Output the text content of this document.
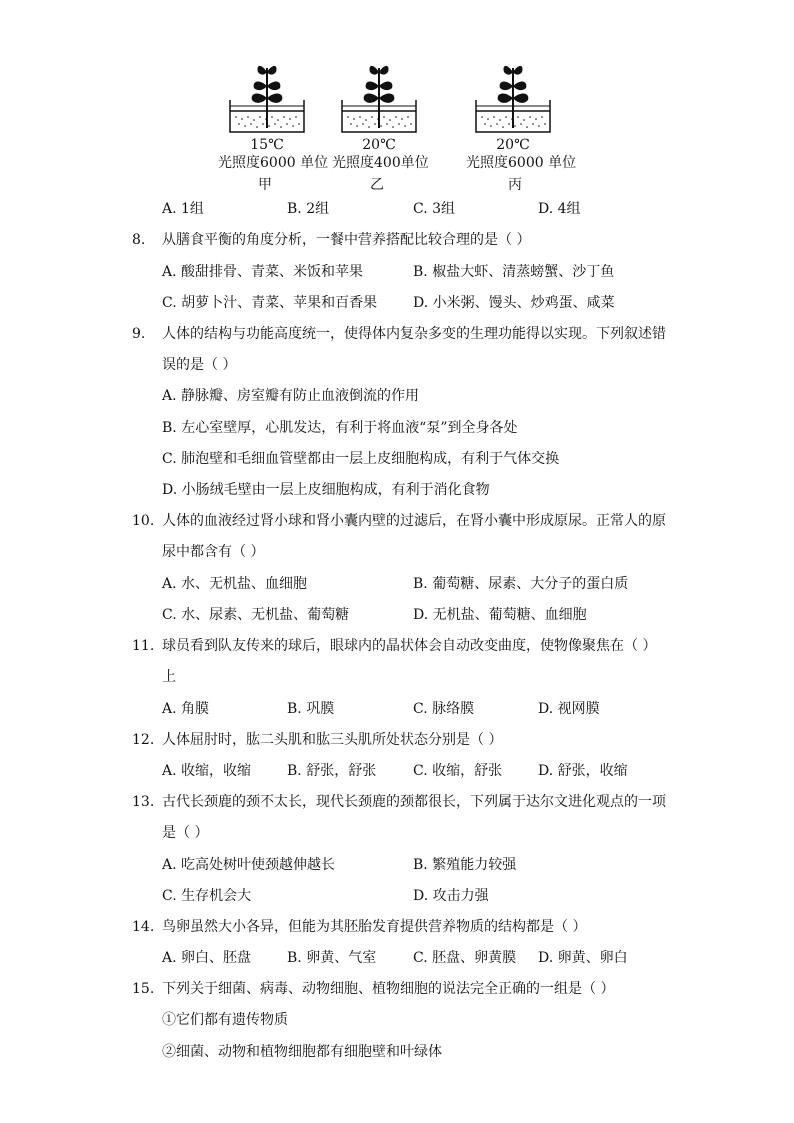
15℃
光照度6000 单位
甲
20℃
光照度400单位
乙
20℃
光照度6000 单位
丙
A. 1组	B. 2组	C. 3组	D. 4组
8. 从膳食平衡的角度分析，一餐中营养搭配比较合理的是（ ）
A. 酸甜排骨、青菜、米饭和苹果	B. 椒盐大虾、清蒸螃蟹、沙丁鱼
C. 胡萝卜汁、青菜、苹果和百香果	D. 小米粥、馒头、炒鸡蛋、咸菜
9. 人体的结构与功能高度统一，使得体内复杂多变的生理功能得以实现。下列叙述错
误的是（ ）
A. 静脉瓣、房室瓣有防止血液倒流的作用
B. 左心室壁厚，心肌发达，有利于将血液“泵”到全身各处
C. 肺泡壁和毛细血管壁都由一层上皮细胞构成，有利于气体交换
D. 小肠绒毛壁由一层上皮细胞构成，有利于消化食物
10. 人体的血液经过肾小球和肾小囊内壁的过滤后，在肾小囊中形成原尿。正常人的原
尿中都含有（ ）
A. 水、无机盐、血细胞	B. 葡萄糖、尿素、大分子的蛋白质
C. 水、尿素、无机盐、葡萄糖	D. 无机盐、葡萄糖、血细胞
11. 球员看到队友传来的球后，眼球内的晶状体会自动改变曲度，使物像聚焦在（ ）
上
A. 角膜	B. 巩膜	C. 脉络膜	D. 视网膜
12. 人体屈肘时，肱二头肌和肱三头肌所处状态分别是（ ）
A. 收缩，收缩	B. 舒张，舒张	C. 收缩，舒张	D. 舒张，收缩
13. 古代长颈鹿的颈不太长，现代长颈鹿的颈都很长，下列属于达尔文进化观点的一项
是（ ）
A. 吃高处树叶使颈越伸越长	B. 繁殖能力较强
C. 生存机会大	D. 攻击力强
14. 鸟卵虽然大小各异，但能为其胚胎发育提供营养物质的结构都是（ ）
A. 卵白、胚盘	B. 卵黄、气室	C. 胚盘、卵黄膜 D. 卵黄、卵白
15. 下列关于细菌、病毒、动物细胞、植物细胞的说法完全正确的一组是（ ）
①它们都有遗传物质
②细菌、动物和植物细胞都有细胞壁和叶绿体
